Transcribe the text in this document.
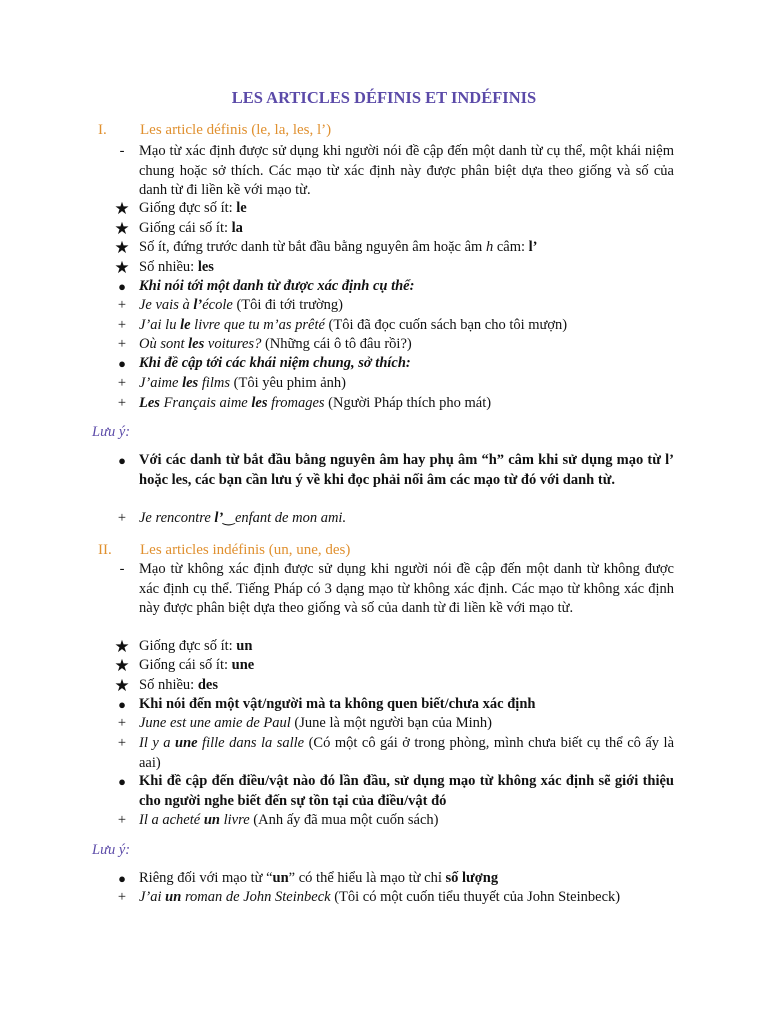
LES ARTICLES DÉFINIS ET INDÉFINIS
I.	Les article définis (le, la, les, l’)
-	Mạo từ xác định được sử dụng khi người nói đề cập đến một danh từ cụ thể, một khái niệm chung hoặc sở thích. Các mạo từ xác định này được phân biệt dựa theo giống và số của danh từ đi liền kề với mạo từ.
★ Giống đực số ít: le
★ Giống cái số ít: la
★ Số ít, đứng trước danh từ bắt đầu bằng nguyên âm hoặc âm h câm: l’
★ Số nhiều: les
● Khi nói tới một danh từ được xác định cụ thể:
+ Je vais à l’école (Tôi đi tới trường)
+ J’ai lu le livre que tu m’as prêté (Tôi đã đọc cuốn sách bạn cho tôi mượn)
+ Où sont les voitures? (Những cái ô tô đâu rồi?)
● Khi đề cập tới các khái niệm chung, sở thích:
+ J’aime les films (Tôi yêu phim ảnh)
+ Les Français aime les fromages (Người Pháp thích pho mát)
Lưu ý:
● Với các danh từ bắt đầu bằng nguyên âm hay phụ âm “h” câm khi sử dụng mạo từ l’ hoặc les, các bạn cần lưu ý về khi đọc phải nối âm các mạo từ đó với danh từ.
+ Je rencontre l’‿enfant de mon ami.
II.	Les articles indéfinis (un, une, des)
-	Mạo từ không xác định được sử dụng khi người nói đề cập đến một danh từ không được xác định cụ thể. Tiếng Pháp có 3 dạng mạo từ không xác định. Các mạo từ không xác định này được phân biệt dựa theo giống và số của danh từ đi liền kề với mạo từ.
★ Giống đực số ít: un
★ Giống cái số ít: une
★ Số nhiều: des
● Khi nói đến một vật/người mà ta không quen biết/chưa xác định
+ June est une amie de Paul (June là một người bạn của Minh)
+ Il y a une fille dans la salle (Có một cô gái ở trong phòng, mình chưa biết cụ thể cô ấy là aai)
● Khi đề cập đến điều/vật nào đó lần đầu, sử dụng mạo từ không xác định sẽ giới thiệu cho người nghe biết đến sự tồn tại của điều/vật đó
+ Il a acheté un livre (Anh ấy đã mua một cuốn sách)
Lưu ý:
● Riêng đối với mạo từ “un” có thể hiểu là mạo từ chỉ số lượng
+ J’ai un roman de John Steinbeck (Tôi có một cuốn tiểu thuyết của John Steinbeck)
